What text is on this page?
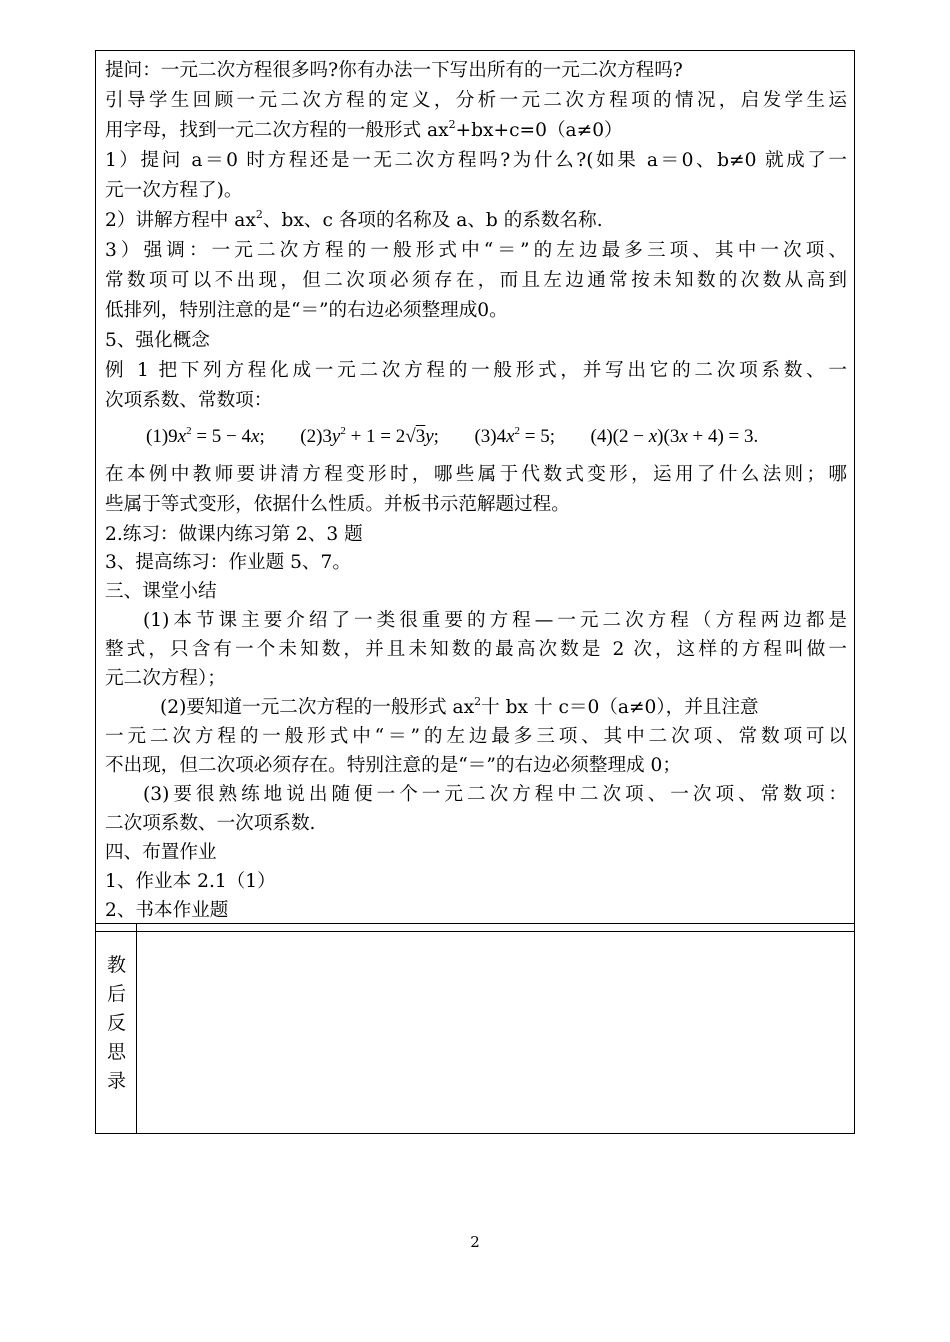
提问：一元二次方程很多吗?你有办法一下写出所有的一元二次方程吗?
引导学生回顾一元二次方程的定义，分析一元二次方程项的情况，启发学生运
用字母，找到一元二次方程的一般形式 $ax^2+bx+c=0(a\ne 0)$
1）提问 a＝0 时方程还是一无二次方程吗?为什么?(如果 a＝0、b≠0 就成了一
元一次方程了)。
2）讲解方程中 $ax^2$、bx、c 各项的名称及 a、b 的系数名称.
3）强调：一元二次方程的一般形式中“＝”的左边最多三项、其中一次项、
常数项可以不出现，但二次项必须存在，而且左边通常按未知数的次数从高到
低排列，特别注意的是“＝”的右边必须整理成0。
5、强化概念
例 1 把下列方程化成一元二次方程的一般形式，并写出它的二次项系数、一
次项系数、常数项：
$(1)9x^2 = 5 - 4x$; $(2)3y^2 + 1 = 2√3y$; $(3)4x^2 = 5$; (4)(2 − x)(3x + 4) = 3.
在本例中教师要讲清方程变形时，哪些属于代数式变形，运用了什么法则；哪
些属于等式变形，依据什么性质。并板书示范解题过程。
2.练习：做课内练习第 2、3 题
3、提高练习：作业题 5、7。
三、课堂小结
(1)本节课主要介绍了一类很重要的方程—一元二次方程（方程两边都是
整式，只含有一个未知数，并且未知数的最高次数是 2 次，这样的方程叫做一
元二次方程）；
(2)要知道一元二次方程的一般形式 $ax^2$十 bx 十 c＝0（a≠0），并且注意
一元二次方程的一般形式中“＝”的左边最多三项、其中二次项、常数项可以
不出现，但二次项必须存在。特别注意的是“＝”的右边必须整理成 0；
(3)要很熟练地说出随便一个一元二次方程中二次项、一次项、常数项：
二次项系数、一次项系数.
四、布置作业
1、作业本 2.1（1）
2、书本作业题
教
后
反
思
录
2
